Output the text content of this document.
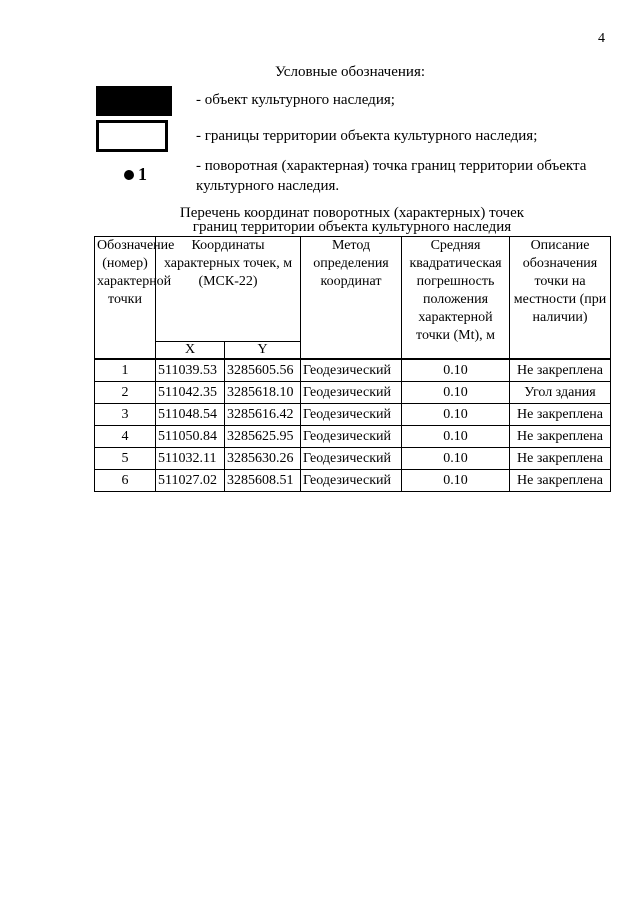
4
Условные обозначения:
- объект культурного наследия;
- границы территории объекта культурного наследия;
1	- поворотная (характерная) точка границ территории объекта культурного наследия.
Перечень координат поворотных (характерных) точек
границ территории объекта культурного наследия
Обозначение (номер) характерной точки	Координаты характерных точек, м (МСК-22)		Метод определения координат	Средняя квадратическая погрешность положения характерной точки (Mt), м	Описание обозначения точки на местности (при наличии)
	X	Y			
1	511039.53	3285605.56	Геодезический	0.10	Не закреплена
2	511042.35	3285618.10	Геодезический	0.10	Угол здания
3	511048.54	3285616.42	Геодезический	0.10	Не закреплена
4	511050.84	3285625.95	Геодезический	0.10	Не закреплена
5	511032.11	3285630.26	Геодезический	0.10	Не закреплена
6	511027.02	3285608.51	Геодезический	0.10	Не закреплена
